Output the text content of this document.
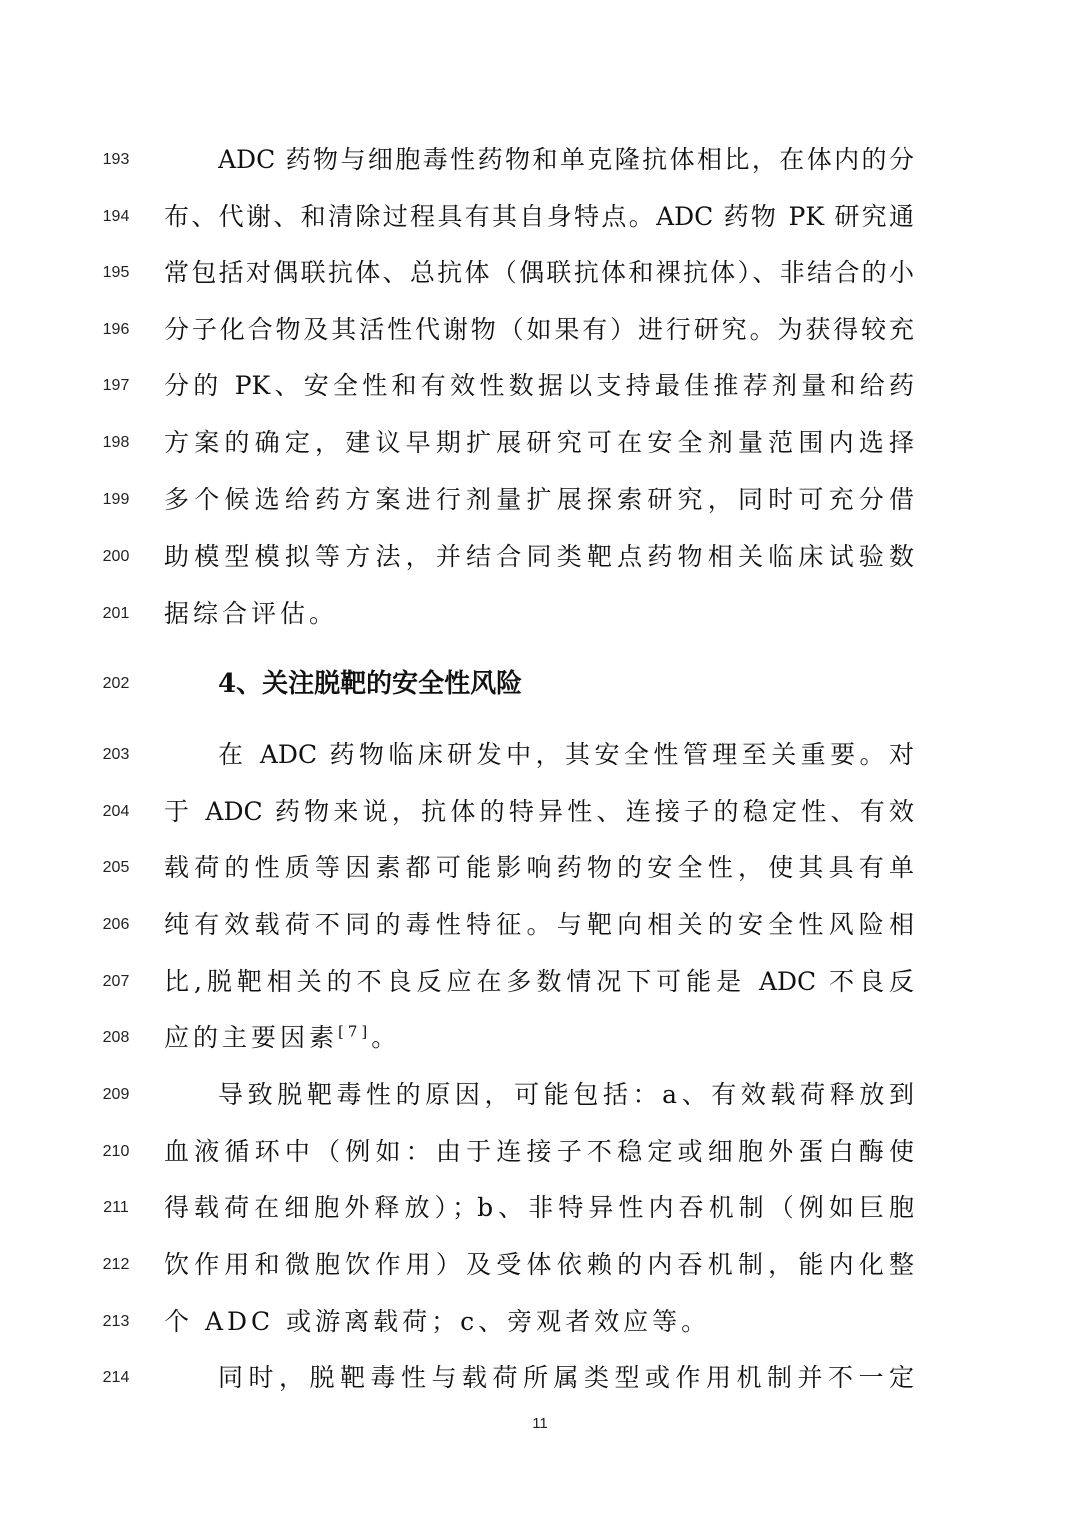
193	ADC 药物与细胞毒性药物和单克隆抗体相比，在体内的分
194	布、代谢、和清除过程具有其自身特点。ADC 药物 PK 研究通
195	常包括对偶联抗体、总抗体（偶联抗体和裸抗体）、非结合的小
196	分子化合物及其活性代谢物（如果有）进行研究。为获得较充
197	分的 PK、安全性和有效性数据以支持最佳推荐剂量和给药
198	方案的确定，建议早期扩展研究可在安全剂量范围内选择
199	多个候选给药方案进行剂量扩展探索研究，同时可充分借
200	助模型模拟等方法，并结合同类靶点药物相关临床试验数
201	据综合评估。
202	4、关注脱靶的安全性风险
203	在 ADC 药物临床研发中，其安全性管理至关重要。对
204	于 ADC 药物来说，抗体的特异性、连接子的稳定性、有效
205	载荷的性质等因素都可能影响药物的安全性，使其具有单
206	纯有效载荷不同的毒性特征。与靶向相关的安全性风险相
207	比,脱靶相关的不良反应在多数情况下可能是 ADC 不良反
208	应的主要因素[7]。
209	导致脱靶毒性的原因，可能包括：a、有效载荷释放到
210	血液循环中（例如：由于连接子不稳定或细胞外蛋白酶使
211	得载荷在细胞外释放）；b、非特异性内吞机制（例如巨胞
212	饮作用和微胞饮作用）及受体依赖的内吞机制，能内化整
213	个 ADC 或游离载荷；c、旁观者效应等。
214	同时，脱靶毒性与载荷所属类型或作用机制并不一定
11
